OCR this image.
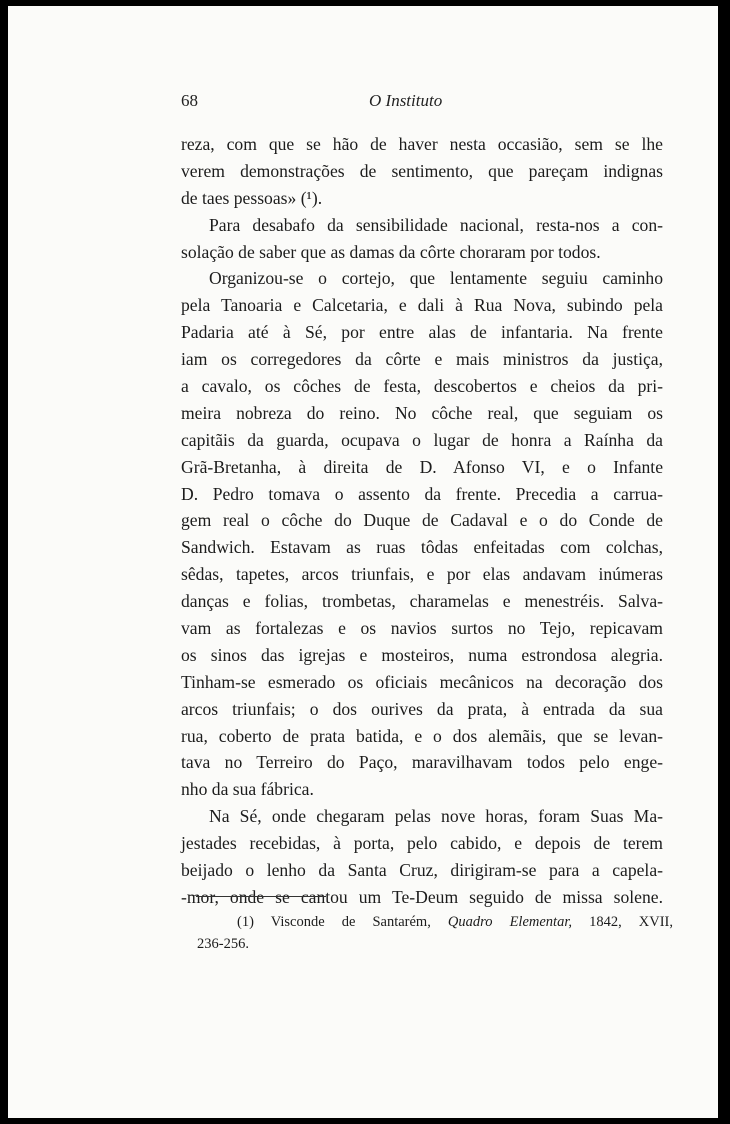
68	O Instituto
reza, com que se hão de haver nesta occasião, sem se lhe
verem demonstrações de sentimento, que pareçam indignas
de taes pessoas» (¹).
Para desabafo da sensibilidade nacional, resta-nos a con-
solação de saber que as damas da côrte choraram por todos.
Organizou-se o cortejo, que lentamente seguiu caminho
pela Tanoaria e Calcetaria, e dali à Rua Nova, subindo pela
Padaria até à Sé, por entre alas de infantaria. Na frente
iam os corregedores da côrte e mais ministros da justiça,
a cavalo, os côches de festa, descobertos e cheios da pri-
meira nobreza do reino. No côche real, que seguiam os
capitãis da guarda, ocupava o lugar de honra a Raínha da
Grã-Bretanha, à direita de D. Afonso VI, e o Infante
D. Pedro tomava o assento da frente. Precedia a carrua-
gem real o côche do Duque de Cadaval e o do Conde de
Sandwich. Estavam as ruas tôdas enfeitadas com colchas,
sêdas, tapetes, arcos triunfais, e por elas andavam inúmeras
danças e folias, trombetas, charamelas e menestréis. Salva-
vam as fortalezas e os navios surtos no Tejo, repicavam
os sinos das igrejas e mosteiros, numa estrondosa alegria.
Tinham-se esmerado os oficiais mecânicos na decoração dos
arcos triunfais; o dos ourives da prata, à entrada da sua
rua, coberto de prata batida, e o dos alemãis, que se levan-
tava no Terreiro do Paço, maravilhavam todos pelo enge-
nho da sua fábrica.
Na Sé, onde chegaram pelas nove horas, foram Suas Ma-
jestades recebidas, à porta, pelo cabido, e depois de terem
beijado o lenho da Santa Cruz, dirigiram-se para a capela-
-mor, onde se cantou um Te-Deum seguido de missa solene.
(1) Visconde de Santarém, Quadro Elementar, 1842, XVII,
236-256.
